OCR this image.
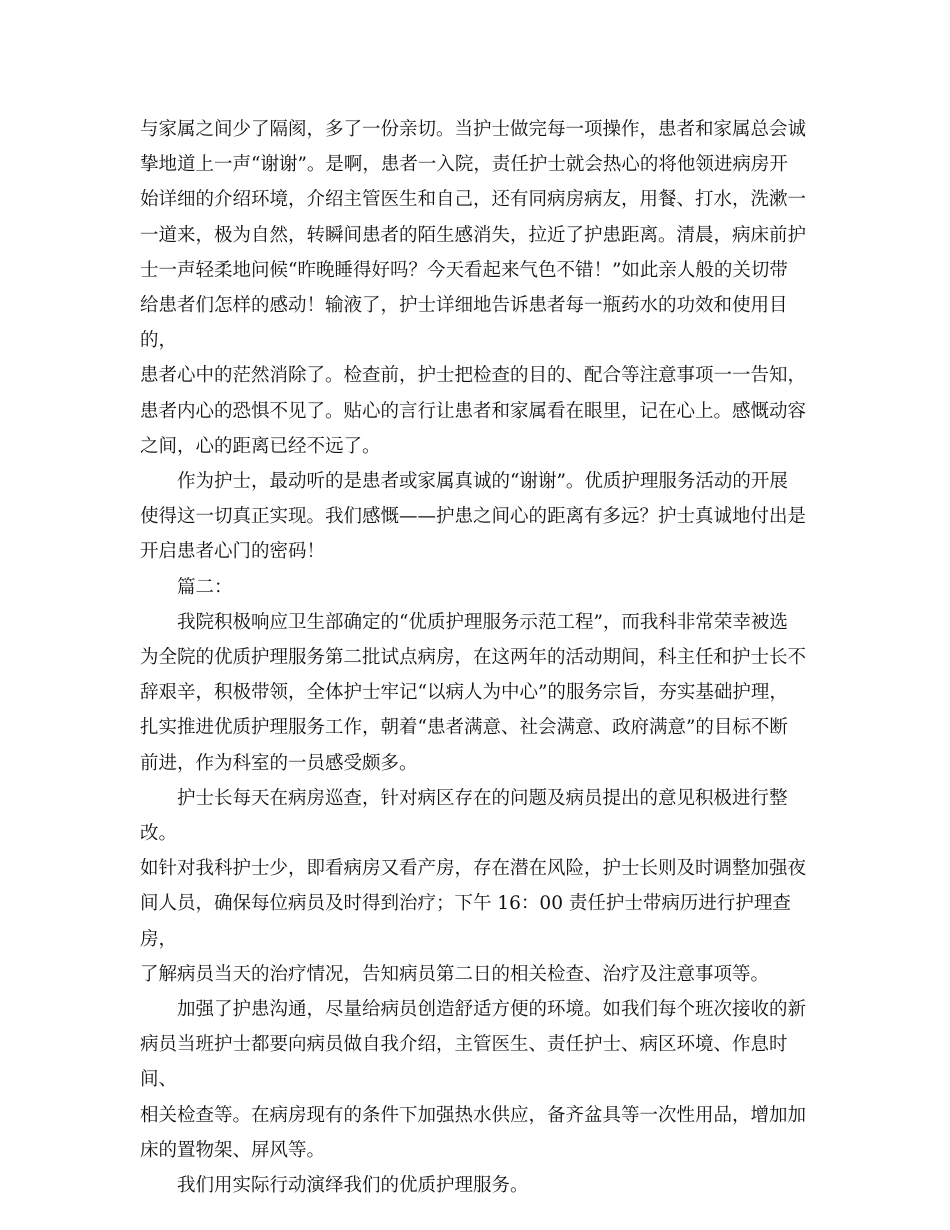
与家属之间少了隔阂，多了一份亲切。当护士做完每一项操作，患者和家属总会诚
挚地道上一声“谢谢”。是啊，患者一入院，责任护士就会热心的将他领进病房开
始详细的介绍环境，介绍主管医生和自己，还有同病房病友，用餐、打水，洗漱一
一道来，极为自然，转瞬间患者的陌生感消失，拉近了护患距离。清晨，病床前护
士一声轻柔地问候“昨晚睡得好吗？今天看起来气色不错！”如此亲人般的关切带
给患者们怎样的感动！输液了，护士详细地告诉患者每一瓶药水的功效和使用目的，
患者心中的茫然消除了。检查前，护士把检查的目的、配合等注意事项一一告知，
患者内心的恐惧不见了。贴心的言行让患者和家属看在眼里，记在心上。感慨动容
之间，心的距离已经不远了。

　　作为护士，最动听的是患者或家属真诚的“谢谢”。优质护理服务活动的开展
使得这一切真正实现。我们感慨——护患之间心的距离有多远？护士真诚地付出是
开启患者心门的密码！

　　篇二：

　　我院积极响应卫生部确定的“优质护理服务示范工程”，而我科非常荣幸被选
为全院的优质护理服务第二批试点病房，在这两年的活动期间，科主任和护士长不
辞艰辛，积极带领，全体护士牢记“以病人为中心”的服务宗旨，夯实基础护理，
扎实推进优质护理服务工作，朝着“患者满意、社会满意、政府满意”的目标不断
前进，作为科室的一员感受颇多。

　　护士长每天在病房巡查，针对病区存在的问题及病员提出的意见积极进行整改。
如针对我科护士少，即看病房又看产房，存在潜在风险，护士长则及时调整加强夜
间人员，确保每位病员及时得到治疗；下午 16：00 责任护士带病历进行护理查房，
了解病员当天的治疗情况，告知病员第二日的相关检查、治疗及注意事项等。

　　加强了护患沟通，尽量给病员创造舒适方便的环境。如我们每个班次接收的新
病员当班护士都要向病员做自我介绍，主管医生、责任护士、病区环境、作息时间、
相关检查等。在病房现有的条件下加强热水供应，备齐盆具等一次性用品，增加加
床的置物架、屏风等。

　　我们用实际行动演绎我们的优质护理服务。
